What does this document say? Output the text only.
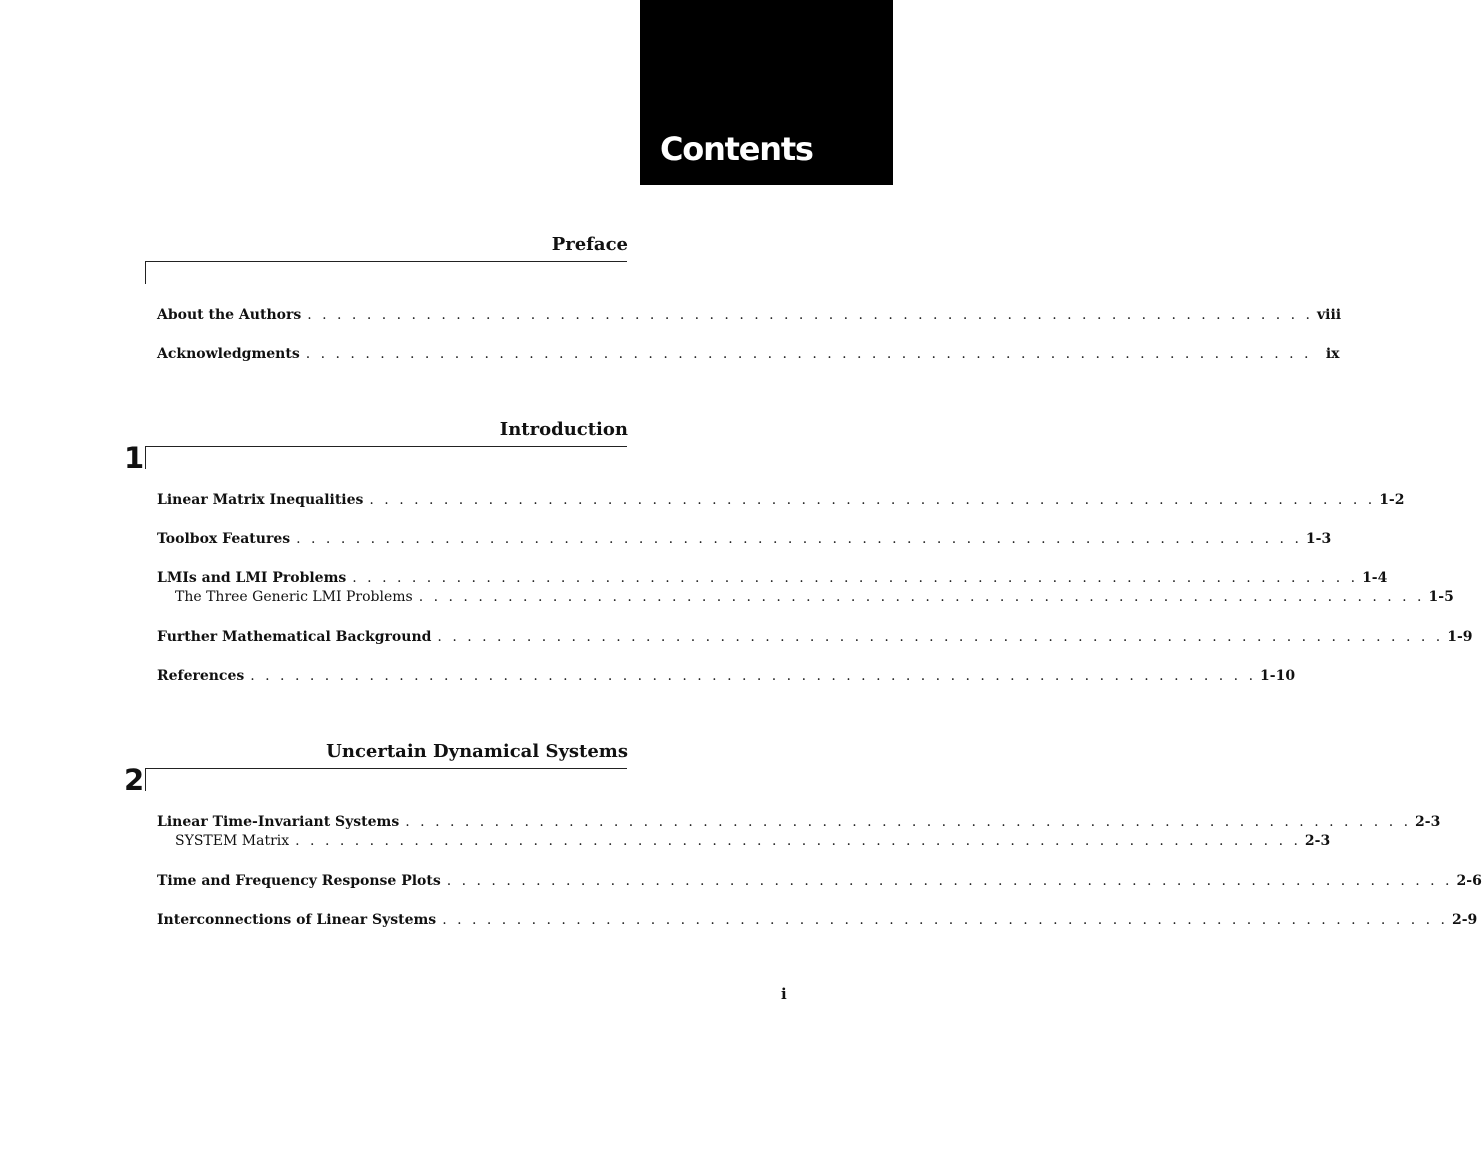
Contents
Preface
About the Authors . . . . . . . . . . . . . . . . . . . . . . . . . . . . . . . . . . . . . . . . . . . . . . . . . . . . . . . . . . . . . . . . . . . . viii
Acknowledgments . . . . . . . . . . . . . . . . . . . . . . . . . . . . . . . . . . . . . . . . . . . . . . . . . . . . . . . . . . . . . . . . . . . .	ix
Introduction
1
Linear Matrix Inequalities . . . . . . . . . . . . . . . . . . . . . . . . . . . . . . . . . . . . . . . . . . . . . . . . . . . . . . . . . . . . . . . . . . . . 1-2
Toolbox Features . . . . . . . . . . . . . . . . . . . . . . . . . . . . . . . . . . . . . . . . . . . . . . . . . . . . . . . . . . . . . . . . . . . . 1-3
LMIs and LMI Problems . . . . . . . . . . . . . . . . . . . . . . . . . . . . . . . . . . . . . . . . . . . . . . . . . . . . . . . . . . . . . . . . . . . . 1-4
The Three Generic LMI Problems . . . . . . . . . . . . . . . . . . . . . . . . . . . . . . . . . . . . . . . . . . . . . . . . . . . . . . . . . . . . . . . . . . . . 1-5
Further Mathematical Background . . . . . . . . . . . . . . . . . . . . . . . . . . . . . . . . . . . . . . . . . . . . . . . . . . . . . . . . . . . . . . . . . . . . 1-9
References . . . . . . . . . . . . . . . . . . . . . . . . . . . . . . . . . . . . . . . . . . . . . . . . . . . . . . . . . . . . . . . . . . . . 1-10
Uncertain Dynamical Systems
2
Linear Time-Invariant Systems . . . . . . . . . . . . . . . . . . . . . . . . . . . . . . . . . . . . . . . . . . . . . . . . . . . . . . . . . . . . . . . . . . . . 2-3
SYSTEM Matrix . . . . . . . . . . . . . . . . . . . . . . . . . . . . . . . . . . . . . . . . . . . . . . . . . . . . . . . . . . . . . . . . . . . . 2-3
Time and Frequency Response Plots . . . . . . . . . . . . . . . . . . . . . . . . . . . . . . . . . . . . . . . . . . . . . . . . . . . . . . . . . . . . . . . . . . . . 2-6
Interconnections of Linear Systems . . . . . . . . . . . . . . . . . . . . . . . . . . . . . . . . . . . . . . . . . . . . . . . . . . . . . . . . . . . . . . . . . . . . 2-9
i
